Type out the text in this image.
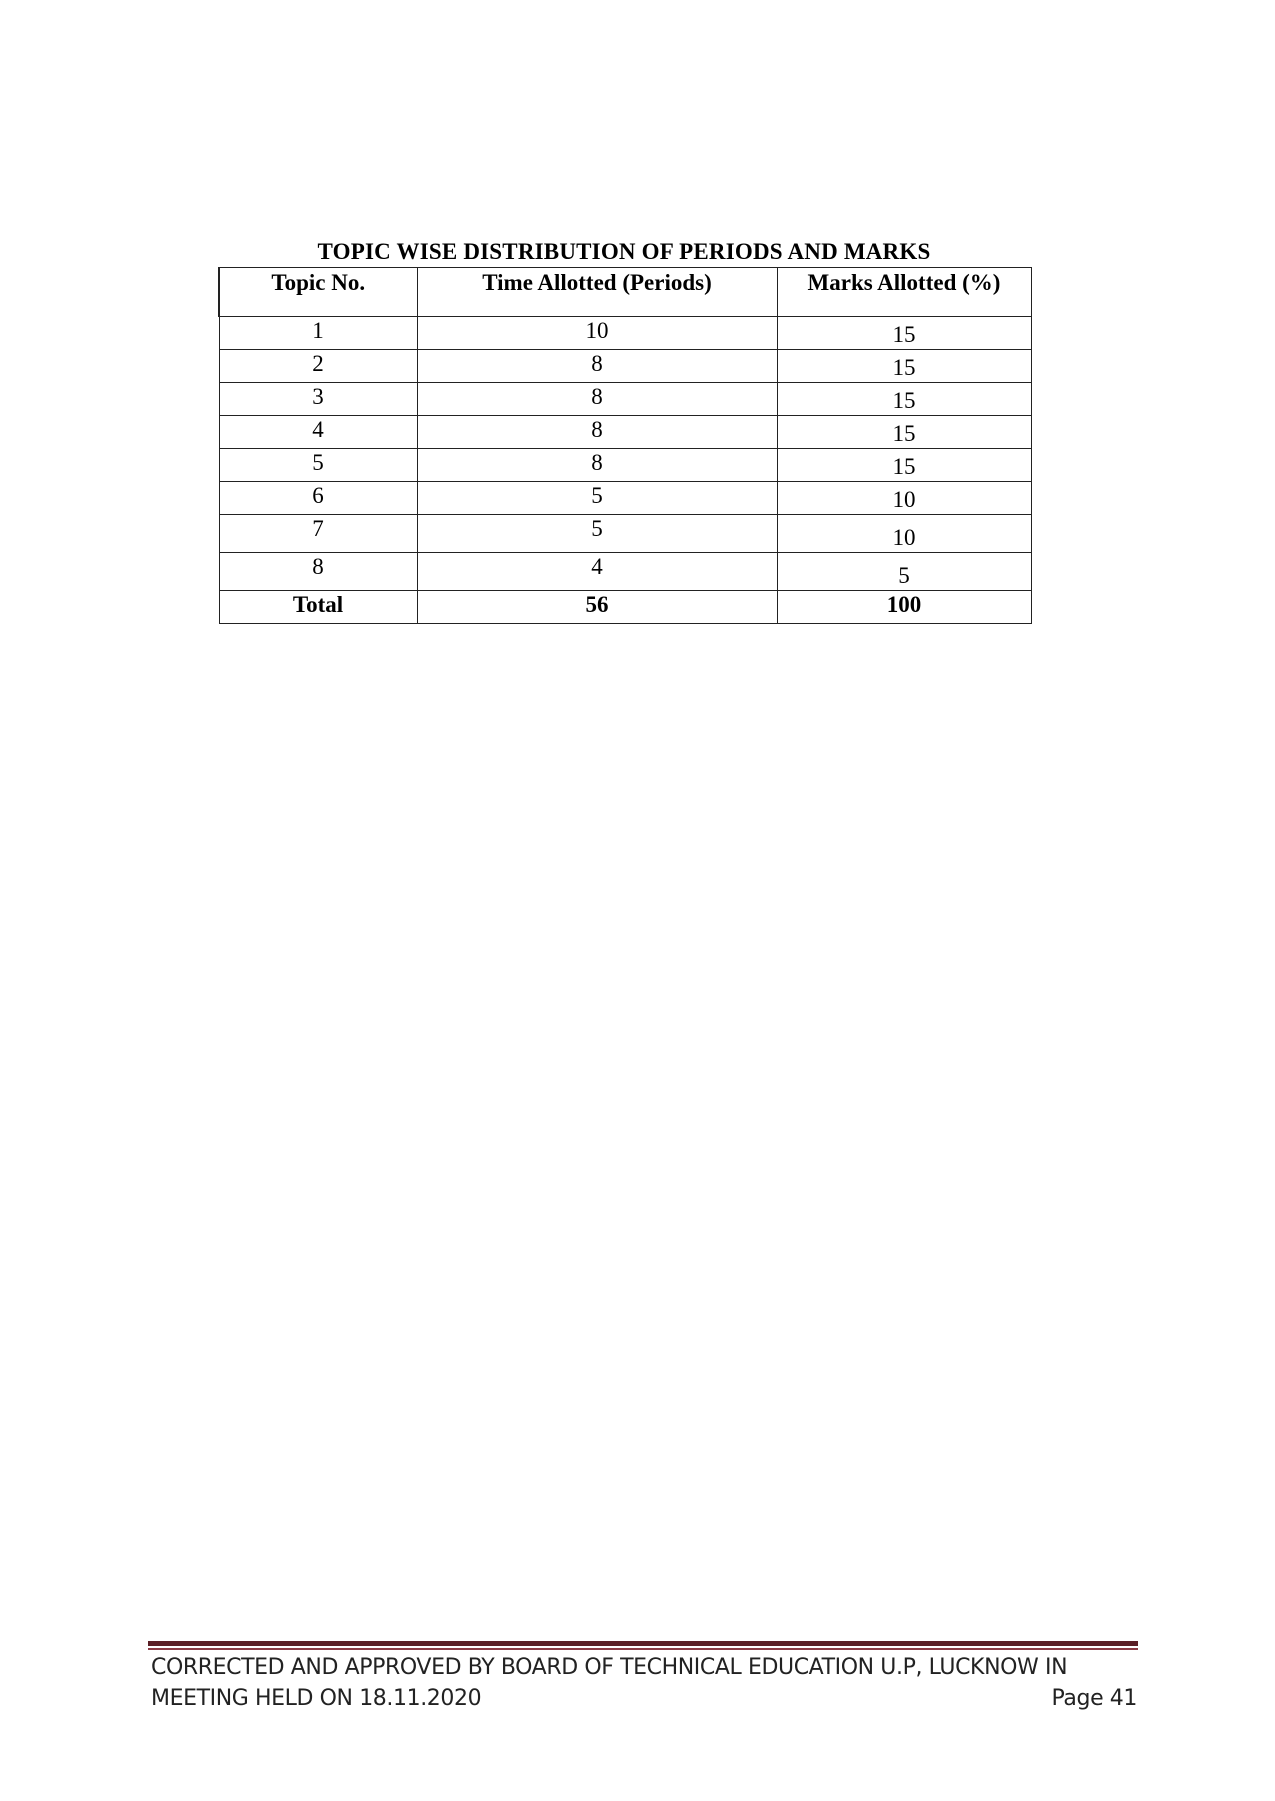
TOPIC WISE DISTRIBUTION OF PERIODS AND MARKS
Topic No.	Time Allotted (Periods)	Marks Allotted (%)
1	10	15
2	8	15
3	8	15
4	8	15
5	8	15
6	5	10
7	5	10
8	4	5
Total	56	100
CORRECTED AND APPROVED BY BOARD OF TECHNICAL EDUCATION U.P, LUCKNOW IN
MEETING HELD ON 18.11.2020	Page 41
